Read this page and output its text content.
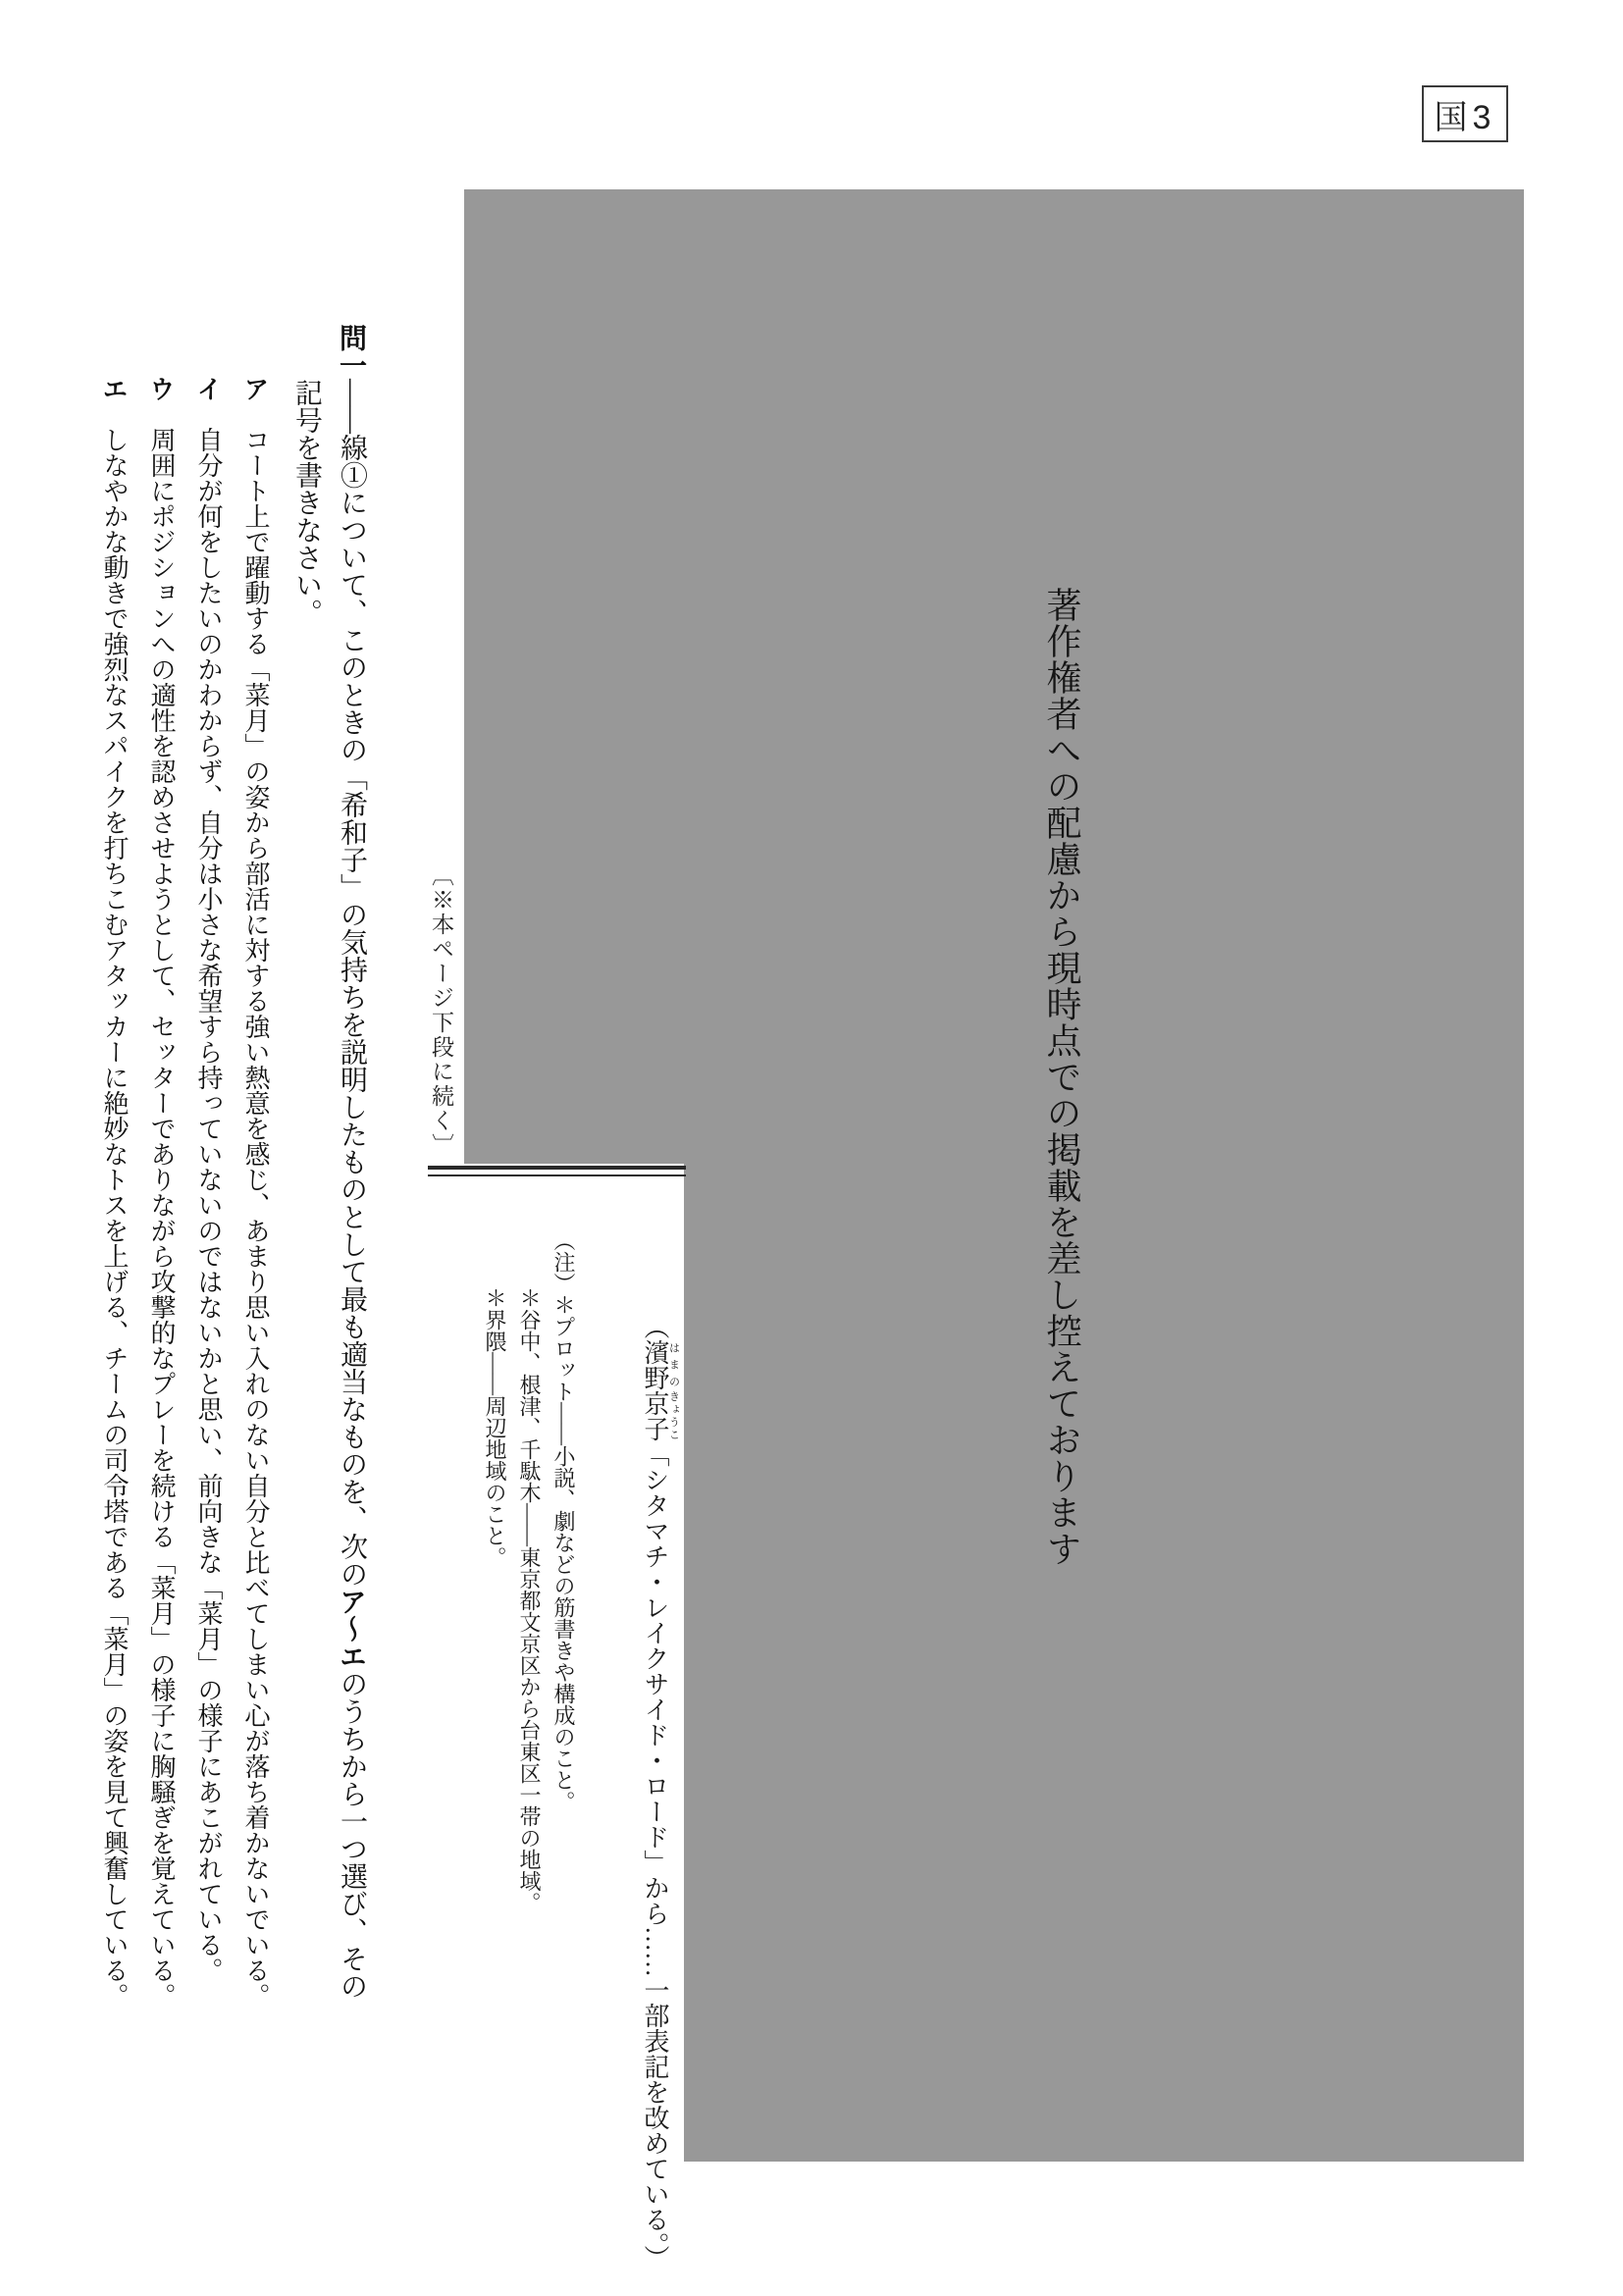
国3
著作権者への配慮から現時点での掲載を差し控えております
〔※本ページ下段に続く〕
（濱野はまの京子きょうこ「シタマチ・レイクサイド・ロード」から……一部表記を改めている。）
（注）＊プロット――小説、劇などの筋書きや構成のこと。
＊谷中、根津、千駄木――東京都文京区から台東区一帯の地域。
＊界隈――周辺地域のこと。
問一――線①について、このときの「希和子」の気持ちを説明したものとして最も適当なものを、次のア～エのうちから一つ選び、その
記号を書きなさい。
アコート上で躍動する「菜月」の姿から部活に対する強い熱意を感じ、あまり思い入れのない自分と比べてしまい心が落ち着かないでいる。
イ自分が何をしたいのかわからず、自分は小さな希望すら持っていないのではないかと思い、前向きな「菜月」の様子にあこがれている。
ウ周囲にポジションへの適性を認めさせようとして、セッターでありながら攻撃的なプレーを続ける「菜月」の様子に胸騒ぎを覚えている。
エしなやかな動きで強烈なスパイクを打ちこむアタッカーに絶妙なトスを上げる、チームの司令塔である「菜月」の姿を見て興奮している。
